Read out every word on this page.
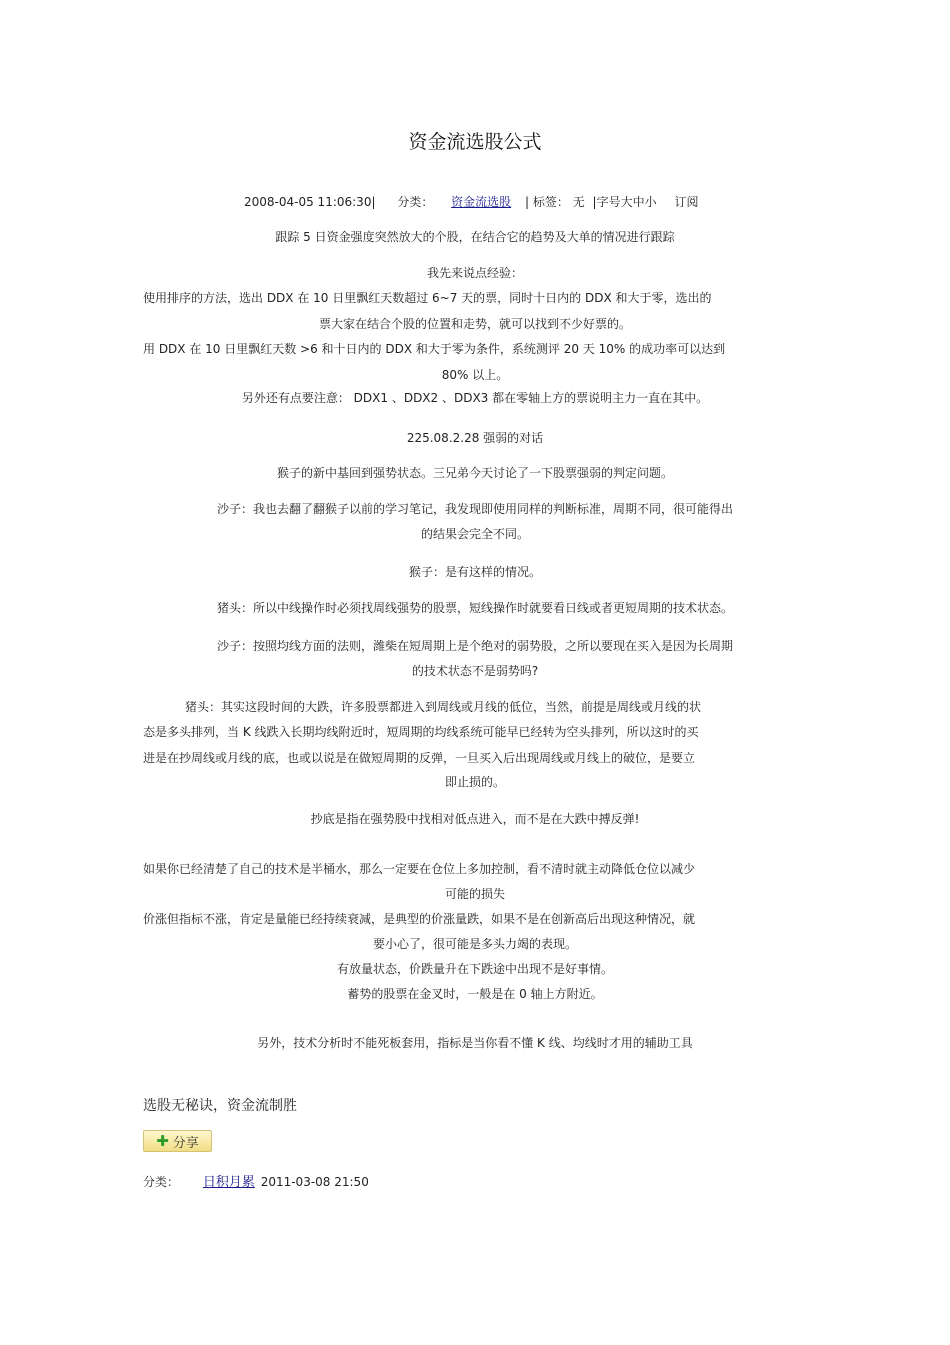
资金流选股公式
2008-04-05 11:06:30| 分类： 资金流选股 | 标签： 无 |字号大中小 订阅
跟踪 5 日资金强度突然放大的个股，在结合它的趋势及大单的情况进行跟踪
我先来说点经验：
使用排序的方法，选出 DDX 在 10 日里飘红天数超过 6~7 天的票，同时十日内的 DDX 和大于零，选出的
票大家在结合个股的位置和走势，就可以找到不少好票的。
用 DDX 在 10 日里飘红天数 >6 和十日内的 DDX 和大于零为条件，系统测评 20 天 10% 的成功率可以达到
80% 以上。
另外还有点要注意： DDX1 、DDX2 、DDX3 都在零轴上方的票说明主力一直在其中。
225.08.2.28 强弱的对话
猴子的新中基回到强势状态。三兄弟今天讨论了一下股票强弱的判定问题。
沙子：我也去翻了翻猴子以前的学习笔记，我发现即使用同样的判断标准，周期不同，很可能得出
的结果会完全不同。
猴子：是有这样的情况。
猪头：所以中线操作时必须找周线强势的股票，短线操作时就要看日线或者更短周期的技术状态。
沙子：按照均线方面的法则，潍柴在短周期上是个绝对的弱势股，之所以要现在买入是因为长周期
的技术状态不是弱势吗?
猪头：其实这段时间的大跌，许多股票都进入到周线或月线的低位，当然，前提是周线或月线的状
态是多头排列，当 K 线跌入长期均线附近时，短周期的均线系统可能早已经转为空头排列，所以这时的买
进是在抄周线或月线的底，也或以说是在做短周期的反弹，一旦买入后出现周线或月线上的破位，是要立
即止损的。
抄底是指在强势股中找相对低点进入，而不是在大跌中搏反弹!
如果你已经清楚了自己的技术是半桶水，那么一定要在仓位上多加控制，看不清时就主动降低仓位以减少
可能的损失
价涨但指标不涨，肯定是量能已经持续衰减，是典型的价涨量跌，如果不是在创新高后出现这种情况，就
要小心了，很可能是多头力竭的表现。
有放量状态，价跌量升在下跌途中出现不是好事情。
蓄势的股票在金叉时，一般是在 0 轴上方附近。
另外，技术分析时不能死板套用，指标是当你看不懂 K 线、均线时才用的辅助工具
选股无秘诀，资金流制胜
✚ 分享
分类： 日积月累 2011-03-08 21:50
